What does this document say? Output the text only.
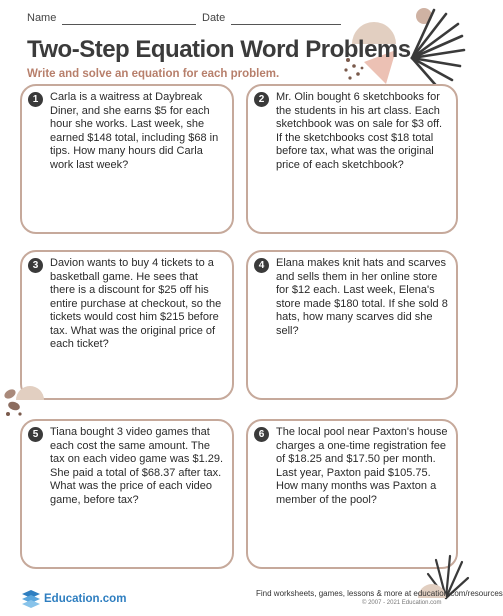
Name	Date
Two-Step Equation Word Problems
Write and solve an equation for each problem.
1	Carla is a waitress at Daybreak Diner, and she earns $5 for each hour she works. Last week, she earned $148 total, including $68 in tips. How many hours did Carla work last week?
2	Mr. Olin bought 6 sketchbooks for the students in his art class. Each sketchbook was on sale for $3 off. If the sketchbooks cost $18 total before tax, what was the original price of each sketchbook?
3	Davion wants to buy 4 tickets to a basketball game. He sees that there is a discount for $25 off his entire purchase at checkout, so the tickets would cost him $215 before tax. What was the original price of each ticket?
4	Elana makes knit hats and scarves and sells them in her online store for $12 each. Last week, Elena's store made $180 total. If she sold 8 hats, how many scarves did she sell?
5	Tiana bought 3 video games that each cost the same amount. The tax on each video game was $1.29. She paid a total of $68.37 after tax. What was the price of each video game, before tax?
6	The local pool near Paxton's house charges a one-time registration fee of $18.25 and $17.50 per month. Last year, Paxton paid $105.75. How many months was Paxton a member of the pool?
Education.com	Find worksheets, games, lessons & more at education.com/resources
© 2007 - 2021 Education.com
